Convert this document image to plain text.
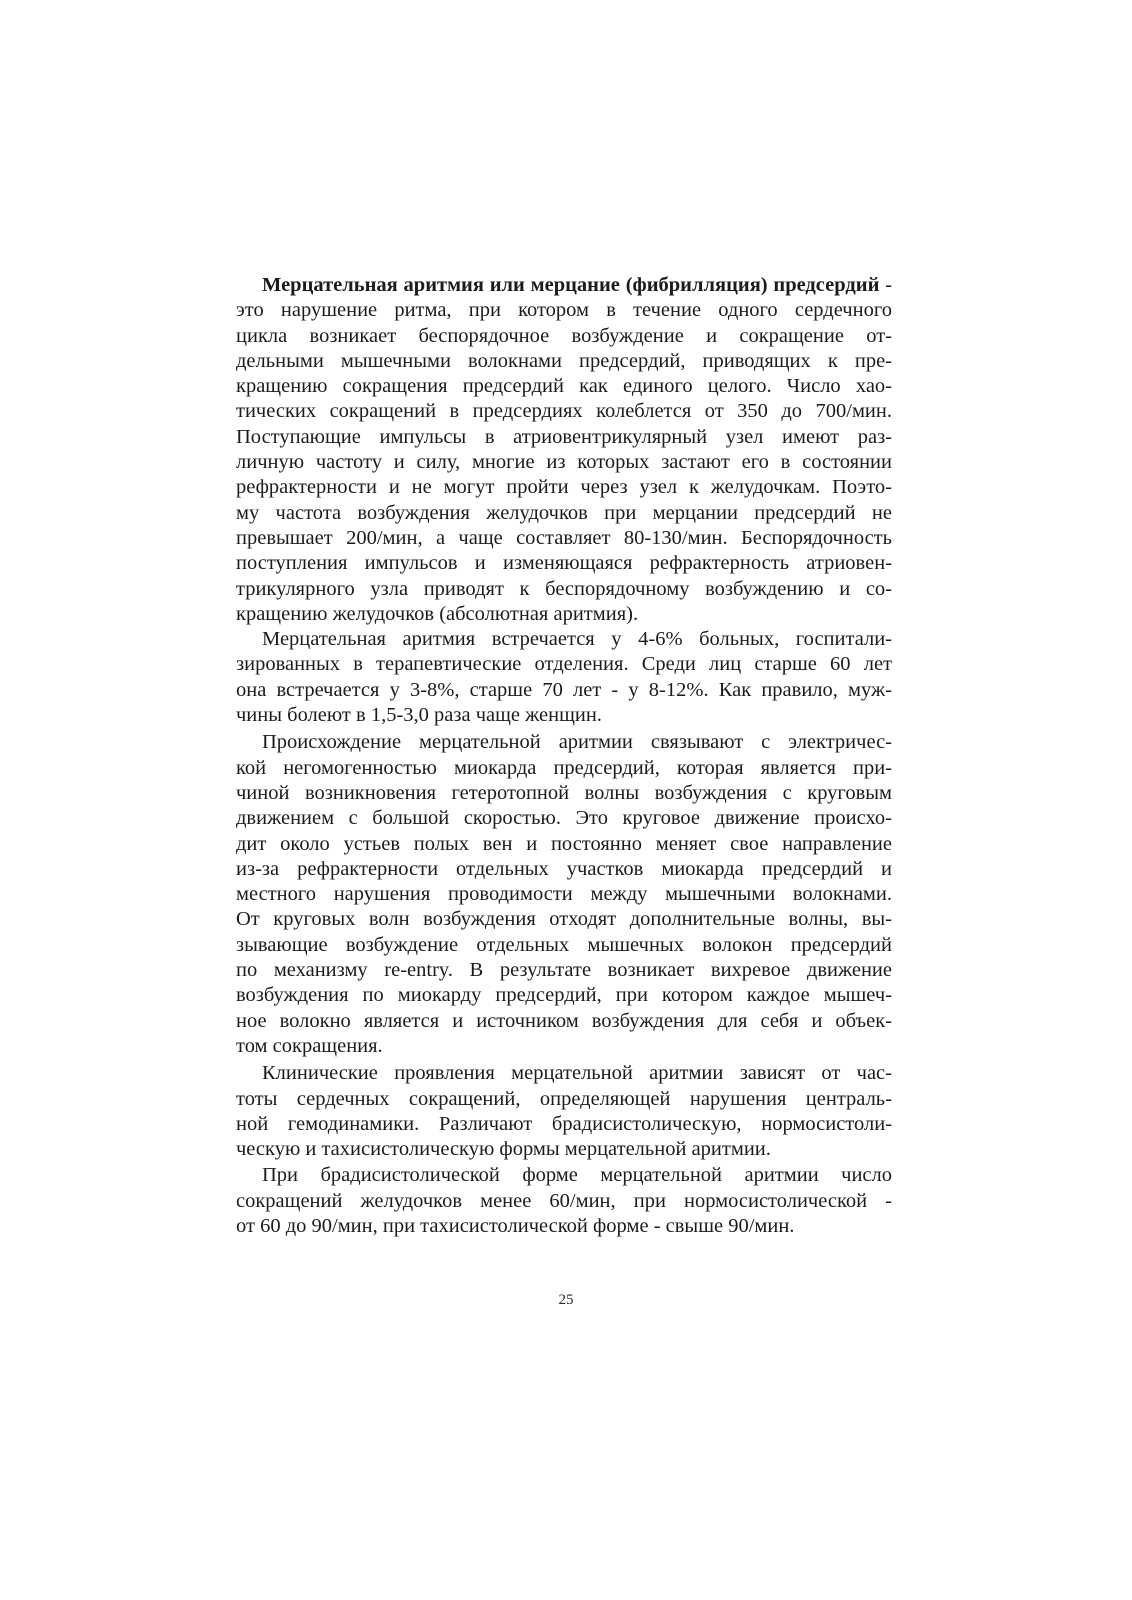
Мерцательная аритмия или мерцание (фибрилляция) предсердий -
это нарушение ритма, при котором в течение одного сердечного
цикла возникает беспорядочное возбуждение и сокращение от-
дельными мышечными волокнами предсердий, приводящих к пре-
кращению сокращения предсердий как единого целого. Число хао-
тических сокращений в предсердиях колеблется от 350 до 700/мин.
Поступающие импульсы в атриовентрикулярный узел имеют раз-
личную частоту и силу, многие из которых застают его в состоянии
рефрактерности и не могут пройти через узел к желудочкам. Поэто-
му частота возбуждения желудочков при мерцании предсердий не
превышает 200/мин, а чаще составляет 80-130/мин. Беспорядочность
поступления импульсов и изменяющаяся рефрактерность атриовен-
трикулярного узла приводят к беспорядочному возбуждению и со-
кращению желудочков (абсолютная аритмия).
Мерцательная аритмия встречается у 4-6% больных, госпитали-
зированных в терапевтические отделения. Среди лиц старше 60 лет
она встречается у 3-8%, старше 70 лет - у 8-12%. Как правило, муж-
чины болеют в 1,5-3,0 раза чаще женщин.
Происхождение мерцательной аритмии связывают с электричес-
кой негомогенностью миокарда предсердий, которая является при-
чиной возникновения гетеротопной волны возбуждения с круговым
движением с большой скоростью. Это круговое движение происхо-
дит около устьев полых вен и постоянно меняет свое направление
из-за рефрактерности отдельных участков миокарда предсердий и
местного нарушения проводимости между мышечными волокнами.
От круговых волн возбуждения отходят дополнительные волны, вы-
зывающие возбуждение отдельных мышечных волокон предсердий
по механизму re-entry. В результате возникает вихревое движение
возбуждения по миокарду предсердий, при котором каждое мышеч-
ное волокно является и источником возбуждения для себя и объек-
том сокращения.
Клинические проявления мерцательной аритмии зависят от час-
тоты сердечных сокращений, определяющей нарушения централь-
ной гемодинамики. Различают брадисистолическую, нормосистоли-
ческую и тахисистолическую формы мерцательной аритмии.
При брадисистолической форме мерцательной аритмии число
сокращений желудочков менее 60/мин, при нормосистолической -
от 60 до 90/мин, при тахисистолической форме - свыше 90/мин.
25
